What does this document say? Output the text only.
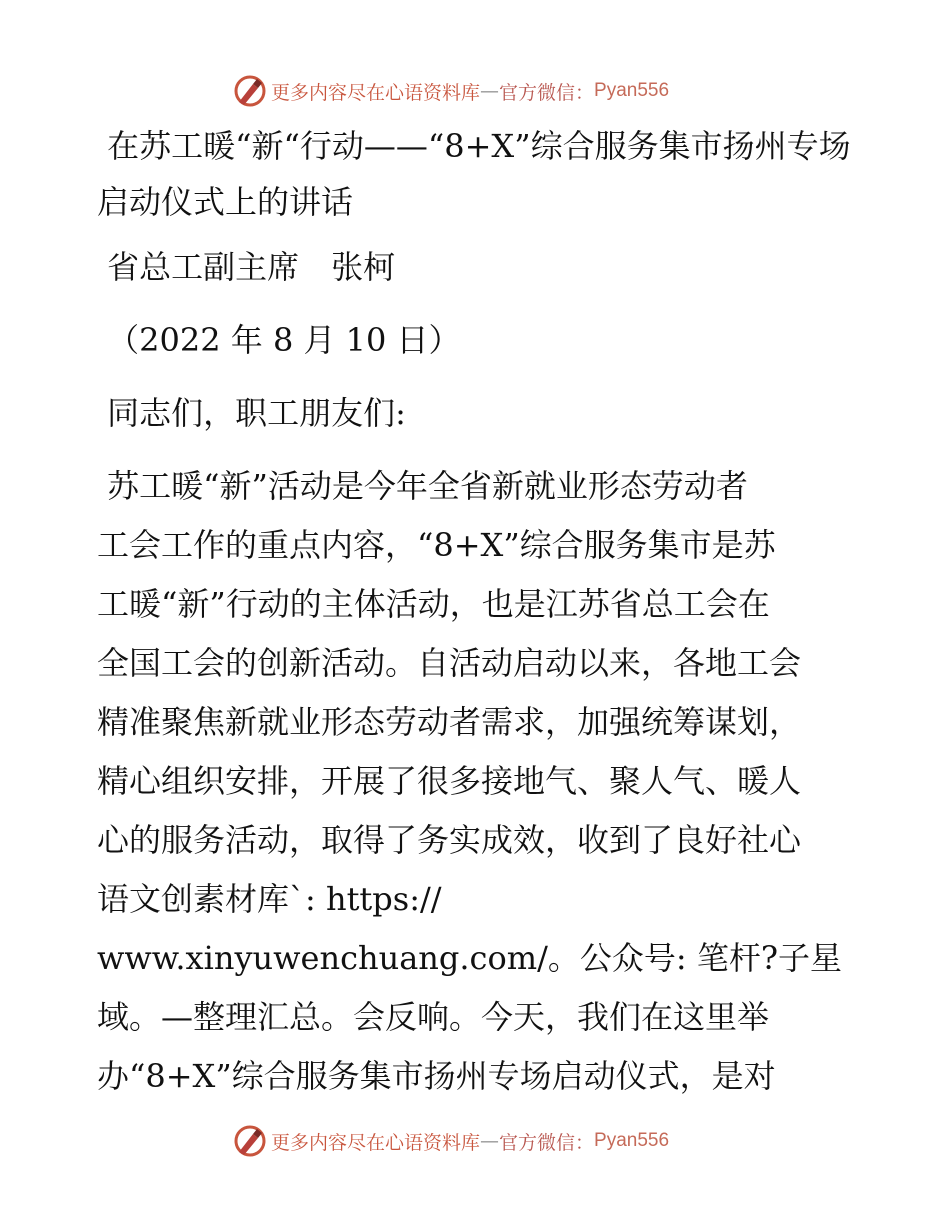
更多内容尽在心语资料库 — 官方微信： Pyan556

在苏工暖“新“行动——“8+X”综合服务集市扬州专场启动仪式上的讲话

省总工副主席　张柯

（2022 年 8 月 10 日）

同志们，职工朋友们:

苏工暖“新”活动是今年全省新就业形态劳动者

工会工作的重点内容，“8+X”综合服务集市是苏

工暖“新”行动的主体活动，也是江苏省总工会在

全国工会的创新活动。自活动启动以来，各地工会

精准聚焦新就业形态劳动者需求，加强统筹谋划，

精心组织安排，开展了很多接地气、聚人气、暖人

心的服务活动，取得了务实成效，收到了良好社心

语文创素材库`: https://

www.xinyuwenchuang.com/。公众号: 笔杆?子星

域。—整理汇总。会反响。今天，我们在这里举

办“8+X”综合服务集市扬州专场启动仪式，是对

更多内容尽在心语资料库 — 官方微信： Pyan556
